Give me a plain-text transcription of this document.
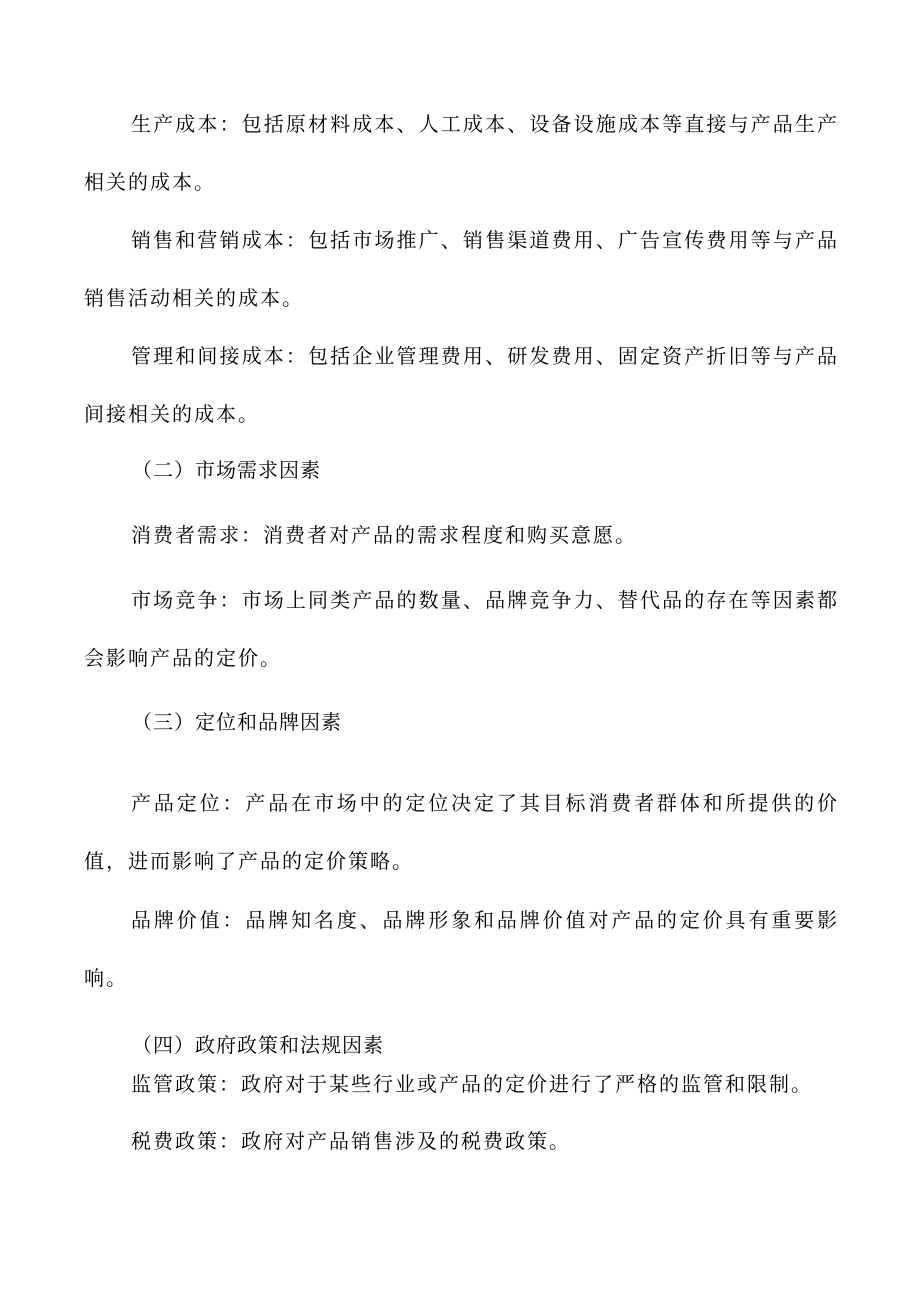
生产成本：包括原材料成本、人工成本、设备设施成本等直接与产品生产相关的成本。

销售和营销成本：包括市场推广、销售渠道费用、广告宣传费用等与产品销售活动相关的成本。

管理和间接成本：包括企业管理费用、研发费用、固定资产折旧等与产品间接相关的成本。

（二）市场需求因素

消费者需求：消费者对产品的需求程度和购买意愿。

市场竞争：市场上同类产品的数量、品牌竞争力、替代品的存在等因素都会影响产品的定价。

（三）定位和品牌因素

产品定位：产品在市场中的定位决定了其目标消费者群体和所提供的价值，进而影响了产品的定价策略。

品牌价值：品牌知名度、品牌形象和品牌价值对产品的定价具有重要影响。

（四）政府政策和法规因素

监管政策：政府对于某些行业或产品的定价进行了严格的监管和限制。

税费政策：政府对产品销售涉及的税费政策。
